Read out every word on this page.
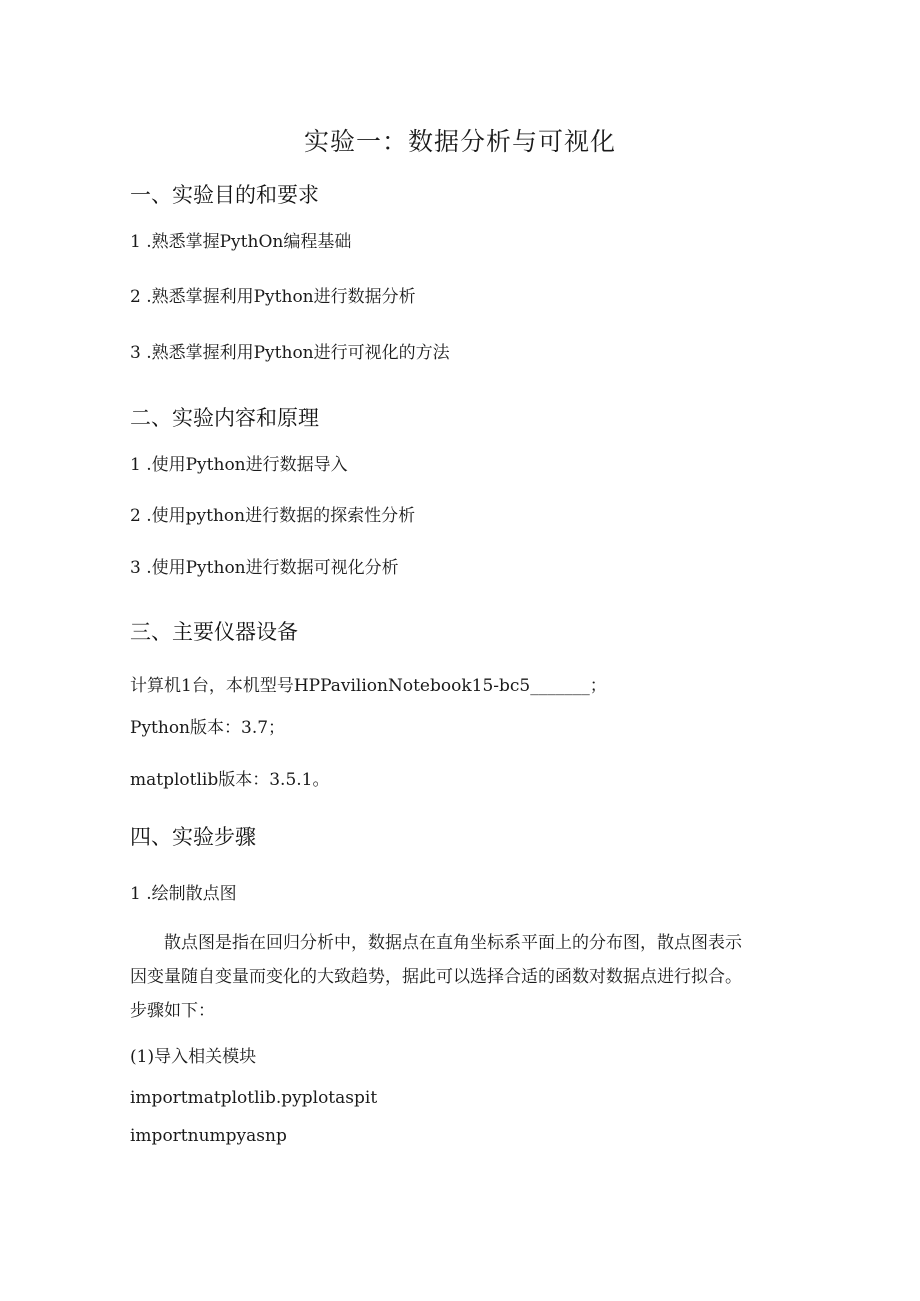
实验一：数据分析与可视化
一、实验目的和要求
1 .熟悉掌握PythOn编程基础
2 .熟悉掌握利用Python进行数据分析
3 .熟悉掌握利用Python进行可视化的方法
二、实验内容和原理
1 .使用Python进行数据导入
2 .使用python进行数据的探索性分析
3 .使用Python进行数据可视化分析
三、主要仪器设备
计算机1台，本机型号HPPavilionNotebook15-bc5_______；
Python版本：3.7；
matplotlib版本：3.5.1。
四、实验步骤
1 .绘制散点图
散点图是指在回归分析中，数据点在直角坐标系平面上的分布图，散点图表示
因变量随自变量而变化的大致趋势，据此可以选择合适的函数对数据点进行拟合。
步骤如下：
(1)导入相关模块
importmatplotlib.pyplotaspit
importnumpyasnp
